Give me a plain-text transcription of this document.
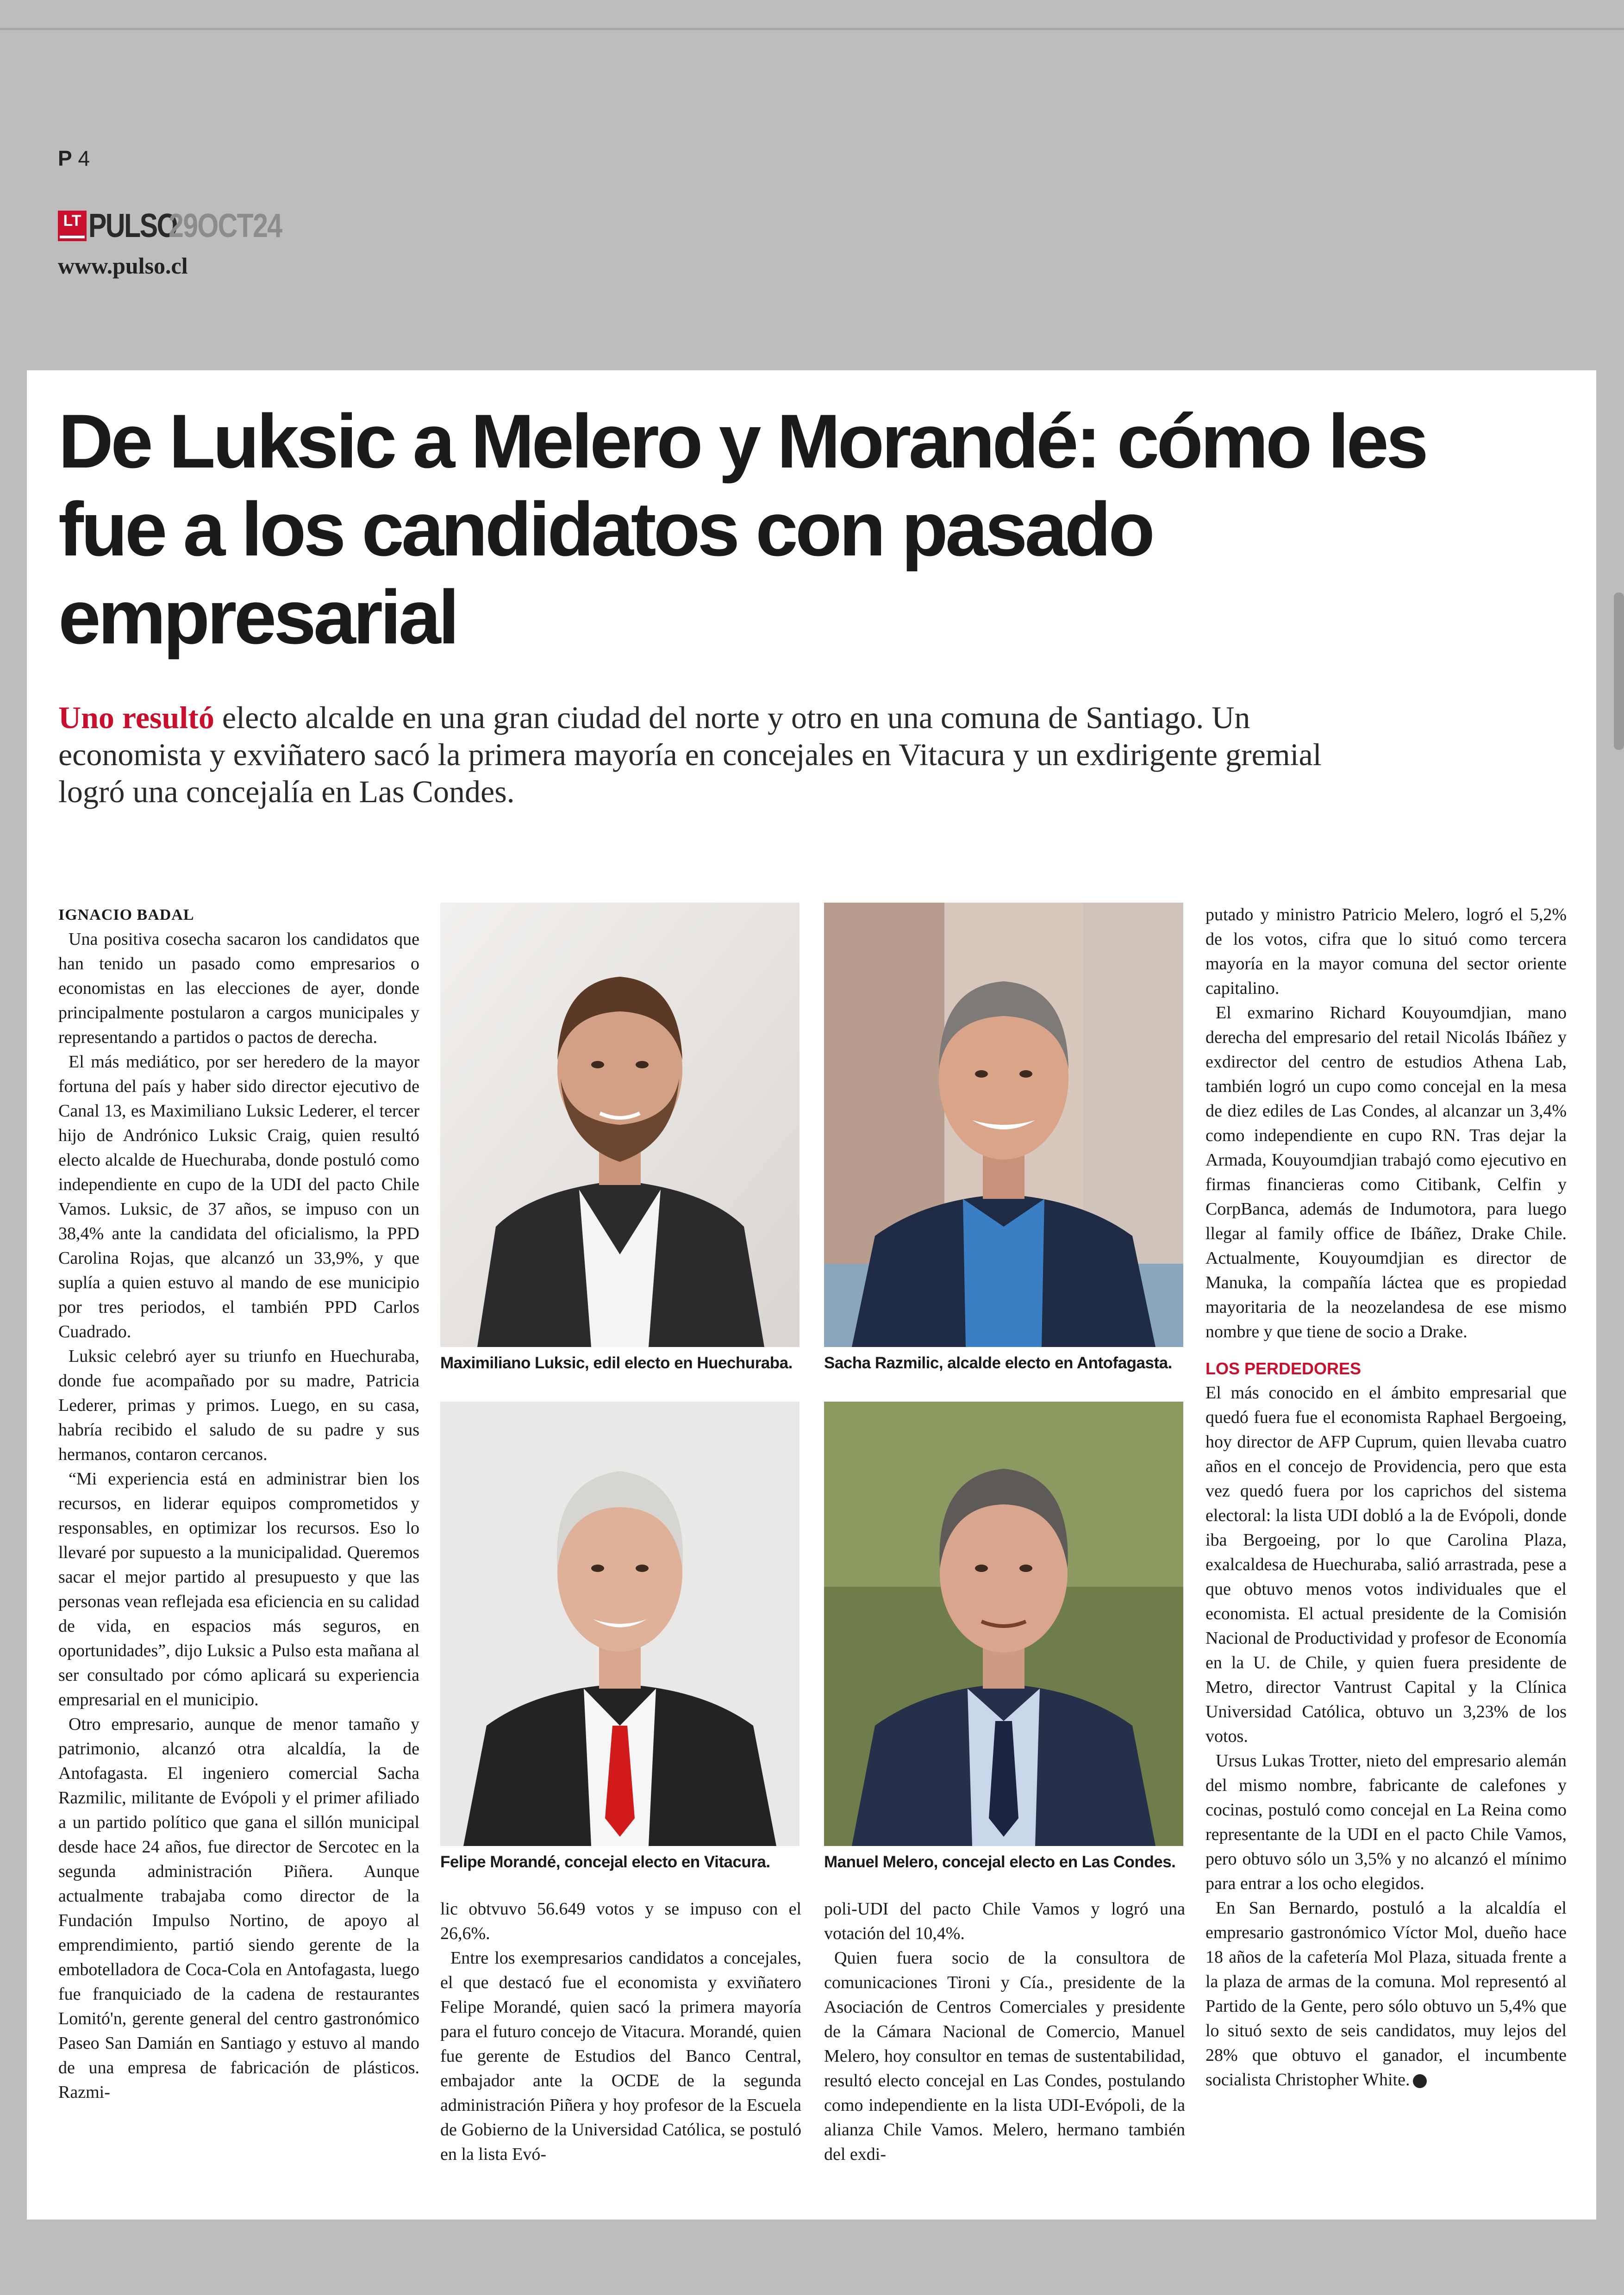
P 4
LT PULSO
29OCT24
www.pulso.cl
De Luksic a Melero y Morandé: cómo les fue a los candidatos con pasado empresarial

Uno resultó electo alcalde en una gran ciudad del norte y otro en una comuna de Santiago. Un economista y exviñatero sacó la primera mayoría en concejales en Vitacura y un exdirigente gremial logró una concejalía en Las Condes.

IGNACIO BADAL

Una positiva cosecha sacaron los candidatos que han tenido un pasado como empresarios o economistas en las elecciones de ayer, donde principalmente postularon a cargos municipales y representando a partidos o pactos de derecha.

El más mediático, por ser heredero de la mayor fortuna del país y haber sido director ejecutivo de Canal 13, es Maximiliano Luksic Lederer, el tercer hijo de Andrónico Luksic Craig, quien resultó electo alcalde de Huechuraba, donde postuló como independiente en cupo de la UDI del pacto Chile Vamos. Luksic, de 37 años, se impuso con un 38,4% ante la candidata del oficialismo, la PPD Carolina Rojas, que alcanzó un 33,9%, y que suplía a quien estuvo al mando de ese municipio por tres periodos, el también PPD Carlos Cuadrado.

Luksic celebró ayer su triunfo en Huechuraba, donde fue acompañado por su madre, Patricia Lederer, primas y primos. Luego, en su casa, habría recibido el saludo de su padre y sus hermanos, contaron cercanos.

“Mi experiencia está en administrar bien los recursos, en liderar equipos comprometidos y responsables, en optimizar los recursos. Eso lo llevaré por supuesto a la municipalidad. Queremos sacar el mejor partido al presupuesto y que las personas vean reflejada esa eficiencia en su calidad de vida, en espacios más seguros, en oportunidades”, dijo Luksic a Pulso esta mañana al ser consultado por cómo aplicará su experiencia empresarial en el municipio.

Otro empresario, aunque de menor tamaño y patrimonio, alcanzó otra alcaldía, la de Antofagasta. El ingeniero comercial Sacha Razmilic, militante de Evópoli y el primer afiliado a un partido político que gana el sillón municipal desde hace 24 años, fue director de Sercotec en la segunda administración Piñera. Aunque actualmente trabajaba como director de la Fundación Impulso Nortino, de apoyo al emprendimiento, partió siendo gerente de la embotelladora de Coca-Cola en Antofagasta, luego fue franquiciado de la cadena de restaurantes Lomitó'n, gerente general del centro gastronómico Paseo San Damián en Santiago y estuvo al mando de una empresa de fabricación de plásticos. Razmi-

Maximiliano Luksic, edil electo en Huechuraba.	Sacha Razmilic, alcalde electo en Antofagasta.
Felipe Morandé, concejal electo en Vitacura.	Manuel Melero, concejal electo en Las Condes.

lic obtvuvo 56.649 votos y se impuso con el 26,6%.

Entre los exempresarios candidatos a concejales, el que destacó fue el economista y exviñatero Felipe Morandé, quien sacó la primera mayoría para el futuro concejo de Vitacura. Morandé, quien fue gerente de Estudios del Banco Central, embajador ante la OCDE de la segunda administración Piñera y hoy profesor de la Escuela de Gobierno de la Universidad Católica, se postuló en la lista Evó-

poli-UDI del pacto Chile Vamos y logró una votación del 10,4%.

Quien fuera socio de la consultora de comunicaciones Tironi y Cía., presidente de la Asociación de Centros Comerciales y presidente de la Cámara Nacional de Comercio, Manuel Melero, hoy consultor en temas de sustentabilidad, resultó electo concejal en Las Condes, postulando como independiente en la lista UDI-Evópoli, de la alianza Chile Vamos. Melero, hermano también del exdi-

putado y ministro Patricio Melero, logró el 5,2% de los votos, cifra que lo situó como tercera mayoría en la mayor comuna del sector oriente capitalino.

El exmarino Richard Kouyoumdjian, mano derecha del empresario del retail Nicolás Ibáñez y exdirector del centro de estudios Athena Lab, también logró un cupo como concejal en la mesa de diez ediles de Las Condes, al alcanzar un 3,4% como independiente en cupo RN. Tras dejar la Armada, Kouyoumdjian trabajó como ejecutivo en firmas financieras como Citibank, Celfin y CorpBanca, además de Indumotora, para luego llegar al family office de Ibáñez, Drake Chile. Actualmente, Kouyoumdjian es director de Manuka, la compañía láctea que es propiedad mayoritaria de la neozelandesa de ese mismo nombre y que tiene de socio a Drake.

LOS PERDEDORES

El más conocido en el ámbito empresarial que quedó fuera fue el economista Raphael Bergoeing, hoy director de AFP Cuprum, quien llevaba cuatro años en el concejo de Providencia, pero que esta vez quedó fuera por los caprichos del sistema electoral: la lista UDI dobló a la de Evópoli, donde iba Bergoeing, por lo que Carolina Plaza, exalcaldesa de Huechuraba, salió arrastrada, pese a que obtuvo menos votos individuales que el economista. El actual presidente de la Comisión Nacional de Productividad y profesor de Economía en la U. de Chile, y quien fuera presidente de Metro, director Vantrust Capital y la Clínica Universidad Católica, obtuvo un 3,23% de los votos.

Ursus Lukas Trotter, nieto del empresario alemán del mismo nombre, fabricante de calefones y cocinas, postuló como concejal en La Reina como representante de la UDI en el pacto Chile Vamos, pero obtuvo sólo un 3,5% y no alcanzó el mínimo para entrar a los ocho elegidos.

En San Bernardo, postuló a la alcaldía el empresario gastronómico Víctor Mol, dueño hace 18 años de la cafetería Mol Plaza, situada frente a la plaza de armas de la comuna. Mol representó al Partido de la Gente, pero sólo obtuvo un 5,4% que lo situó sexto de seis candidatos, muy lejos del 28% que obtuvo el ganador, el incumbente socialista Christopher White.
